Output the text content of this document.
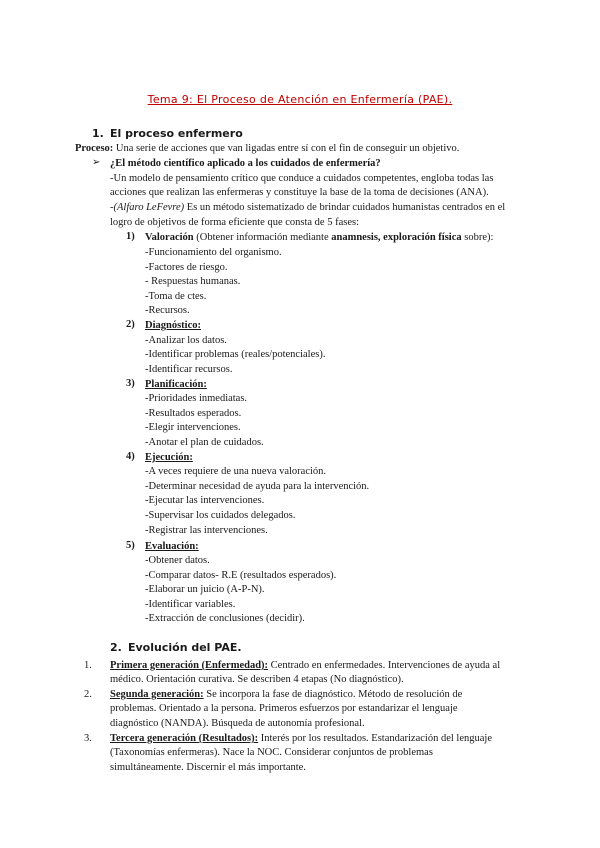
Tema 9: El Proceso de Atención en Enfermería (PAE).
1. El proceso enfermero
Proceso: Una serie de acciones que van ligadas entre sí con el fin de conseguir un objetivo.
➢ ¿El método científico aplicado a los cuidados de enfermería?
-Un modelo de pensamiento crítico que conduce a cuidados competentes, engloba todas las
acciones que realizan las enfermeras y constituye la base de la toma de decisiones (ANA).
-(Alfaro LeFevre) Es un método sistematizado de brindar cuidados humanistas centrados en el
logro de objetivos de forma eficiente que consta de 5 fases:
1) Valoración (Obtener información mediante anamnesis, exploración física sobre):
-Funcionamiento del organismo.
-Factores de riesgo.
- Respuestas humanas.
-Toma de ctes.
-Recursos.
2) Diagnóstico:
-Analizar los datos.
-Identificar problemas (reales/potenciales).
-Identificar recursos.
3) Planificación:
-Prioridades inmediatas.
-Resultados esperados.
-Elegir intervenciones.
-Anotar el plan de cuidados.
4) Ejecución:
-A veces requiere de una nueva valoración.
-Determinar necesidad de ayuda para la intervención.
-Ejecutar las intervenciones.
-Supervisar los cuidados delegados.
-Registrar las intervenciones.
5) Evaluación:
-Obtener datos.
-Comparar datos- R.E (resultados esperados).
-Elaborar un juicio (A-P-N).
-Identificar variables.
-Extracción de conclusiones (decidir).
2. Evolución del PAE.
1. Primera generación (Enfermedad): Centrado en enfermedades. Intervenciones de ayuda al
médico. Orientación curativa. Se describen 4 etapas (No diagnóstico).
2. Segunda generación: Se incorpora la fase de diagnóstico. Método de resolución de
problemas. Orientado a la persona. Primeros esfuerzos por estandarizar el lenguaje
diagnóstico (NANDA). Búsqueda de autonomía profesional.
3. Tercera generación (Resultados): Interés por los resultados. Estandarización del lenguaje
(Taxonomías enfermeras). Nace la NOC. Considerar conjuntos de problemas
simultáneamente. Discernir el más importante.
